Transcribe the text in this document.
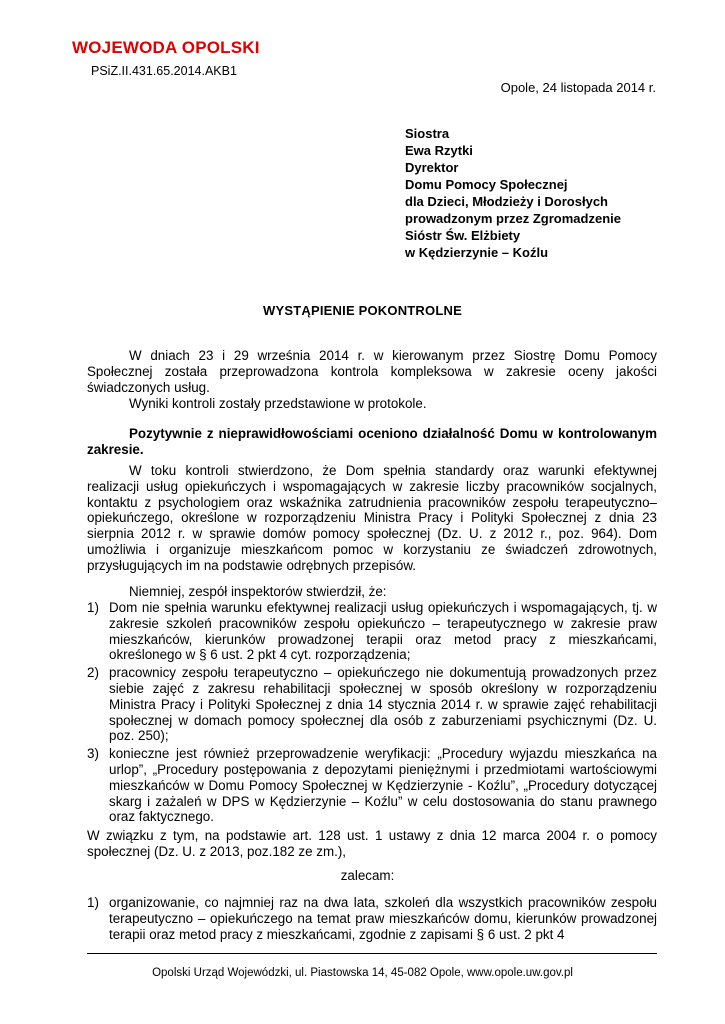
WOJEWODA OPOLSKI
PSiZ.II.431.65.2014.AKB1
Opole, 24 listopada 2014 r.
Siostra
Ewa Rzytki
Dyrektor
Domu Pomocy Społecznej
dla Dzieci, Młodzieży i Dorosłych
prowadzonym przez Zgromadzenie
Sióstr Św. Elżbiety
w Kędzierzynie – Koźlu
WYSTĄPIENIE POKONTROLNE
W dniach 23 i 29 września 2014 r. w kierowanym przez Siostrę Domu Pomocy Społecznej została przeprowadzona kontrola kompleksowa w zakresie oceny jakości świadczonych usług.
Wyniki kontroli zostały przedstawione w protokole.
Pozytywnie z nieprawidłowościami oceniono działalność Domu w kontrolowanym zakresie.
W toku kontroli stwierdzono, że Dom spełnia standardy oraz warunki efektywnej realizacji usług opiekuńczych i wspomagających w zakresie liczby pracowników socjalnych, kontaktu z psychologiem oraz wskaźnika zatrudnienia pracowników zespołu terapeutyczno–opiekuńczego, określone w rozporządzeniu Ministra Pracy i Polityki Społecznej z dnia 23 sierpnia 2012 r. w sprawie domów pomocy społecznej (Dz. U. z 2012 r., poz. 964). Dom umożliwia i organizuje mieszkańcom pomoc w korzystaniu ze świadczeń zdrowotnych, przysługujących im na podstawie odrębnych przepisów.
Niemniej, zespół inspektorów stwierdził, że:
1) Dom nie spełnia warunku efektywnej realizacji usług opiekuńczych i wspomagających, tj. w zakresie szkoleń pracowników zespołu opiekuńczo – terapeutycznego w zakresie praw mieszkańców, kierunków prowadzonej terapii oraz metod pracy z mieszkańcami, określonego w § 6 ust. 2 pkt 4 cyt. rozporządzenia;
2) pracownicy zespołu terapeutyczno – opiekuńczego nie dokumentują prowadzonych przez siebie zajęć z zakresu rehabilitacji społecznej w sposób określony w rozporządzeniu Ministra Pracy i Polityki Społecznej z dnia 14 stycznia 2014 r. w sprawie zajęć rehabilitacji społecznej w domach pomocy społecznej dla osób z zaburzeniami psychicznymi (Dz. U. poz. 250);
3) konieczne jest również przeprowadzenie weryfikacji: „Procedury wyjazdu mieszkańca na urlop”, „Procedury postępowania z depozytami pieniężnymi i przedmiotami wartościowymi mieszkańców w Domu Pomocy Społecznej w Kędzierzynie - Koźlu”, „Procedury dotyczącej skarg i zażaleń w DPS w Kędzierzynie – Koźlu” w celu dostosowania do stanu prawnego oraz faktycznego.
W związku z tym, na podstawie art. 128 ust. 1 ustawy z dnia 12 marca 2004 r. o pomocy społecznej (Dz. U. z 2013, poz.182 ze zm.),
zalecam:
1) organizowanie, co najmniej raz na dwa lata, szkoleń dla wszystkich pracowników zespołu terapeutyczno – opiekuńczego na temat praw mieszkańców domu, kierunków prowadzonej terapii oraz metod pracy z mieszkańcami, zgodnie z zapisami § 6 ust. 2 pkt 4
Opolski Urząd Wojewódzki, ul. Piastowska 14, 45-082 Opole, www.opole.uw.gov.pl
